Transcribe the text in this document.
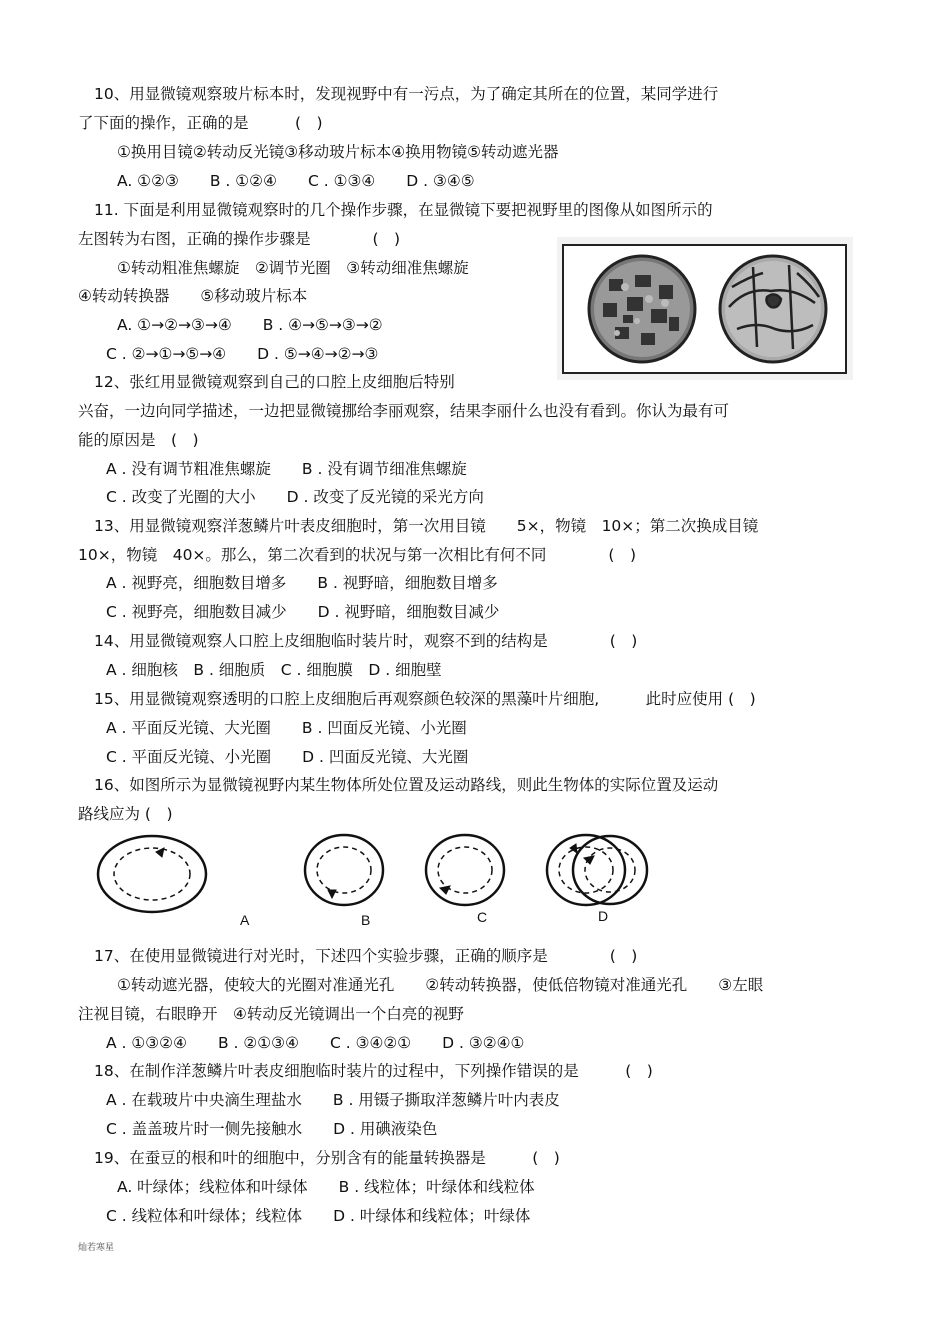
10、用显微镜观察玻片标本时，发现视野中有一污点，为了确定其所在的位置，某同学进行
了下面的操作，正确的是　　　(　)
①换用目镜②转动反光镜③移动玻片标本④换用物镜⑤转动遮光器
A. ①②③　　B . ①②④　　C . ①③④　　D . ③④⑤
11. 下面是利用显微镜观察时的几个操作步骤，在显微镜下要把视野里的图像从如图所示的
左图转为右图，正确的操作步骤是　　　　(　)
①转动粗准焦螺旋　②调节光圈　③转动细准焦螺旋
④转动转换器　　⑤移动玻片标本
A. ①→②→③→④　　B . ④→⑤→③→②
C . ②→①→⑤→④　　D . ⑤→④→②→③
12、张红用显微镜观察到自己的口腔上皮细胞后特别
兴奋，一边向同学描述，一边把显微镜挪给李丽观察，结果李丽什么也没有看到。你认为最有可
能的原因是　(　)
A . 没有调节粗准焦螺旋　　B . 没有调节细准焦螺旋
C . 改变了光圈的大小　　D . 改变了反光镜的采光方向
13、用显微镜观察洋葱鳞片叶表皮细胞时，第一次用目镜　　5×，物镜　10×；第二次换成目镜
10×，物镜　40×。那么，第二次看到的状况与第一次相比有何不同　　　　(　)
A . 视野亮，细胞数目增多　　B . 视野暗，细胞数目增多
C . 视野亮，细胞数目减少　　D . 视野暗，细胞数目减少
14、用显微镜观察人口腔上皮细胞临时装片时，观察不到的结构是　　　　(　)
A . 细胞核　B . 细胞质　C . 细胞膜　D . 细胞壁
15、用显微镜观察透明的口腔上皮细胞后再观察颜色较深的黑藻叶片细胞,　　　此时应使用 (　)
A . 平面反光镜、大光圈　　B . 凹面反光镜、小光圈
C . 平面反光镜、小光圈　　D . 凹面反光镜、大光圈
16、如图所示为显微镜视野内某生物体所处位置及运动路线，则此生物体的实际位置及运动
路线应为 (　)
A	B	C	D
17、在使用显微镜进行对光时，下述四个实验步骤，正确的顺序是　　　　(　)
①转动遮光器，使较大的光圈对准通光孔　　②转动转换器，使低倍物镜对准通光孔　　③左眼
注视目镜，右眼睁开　④转动反光镜调出一个白亮的视野
A . ①③②④　　B . ②①③④　　C . ③④②①　　D . ③②④①
18、在制作洋葱鳞片叶表皮细胞临时装片的过程中，下列操作错误的是　　　(　)
A . 在载玻片中央滴生理盐水　　B . 用镊子撕取洋葱鳞片叶内表皮
C . 盖盖玻片时一侧先接触水　　D . 用碘液染色
19、在蚕豆的根和叶的细胞中，分别含有的能量转换器是　　　(　)
A. 叶绿体；线粒体和叶绿体　　B . 线粒体；叶绿体和线粒体
C . 线粒体和叶绿体；线粒体　　D . 叶绿体和线粒体；叶绿体
灿若寒星
